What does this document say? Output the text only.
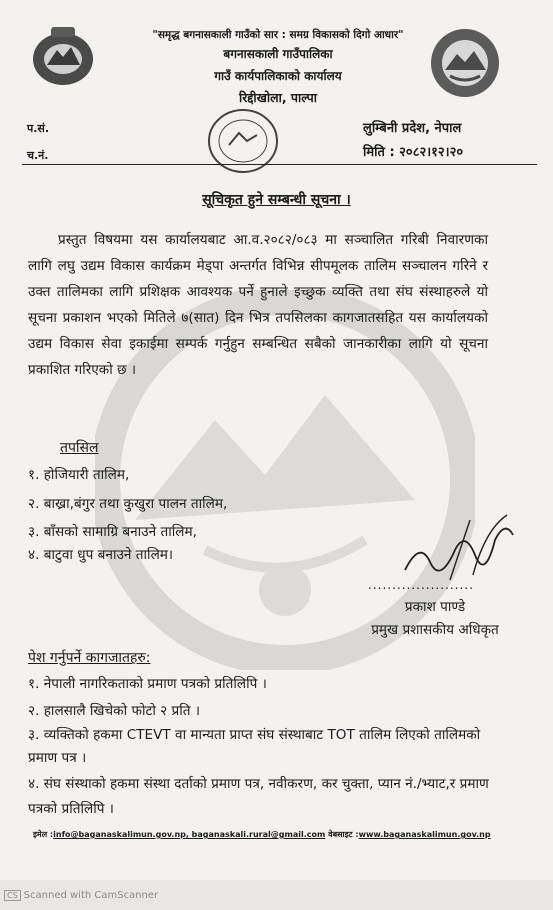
"समृद्ध बगनासकाली गाउँको सार : समग्र विकासको दिगो आधार"
बगनासकाली गाउँपालिका
गाउँ कार्यपालिकाको कार्यालय
रिद्दीखोला, पाल्पा
प.सं.
च.नं.
लुम्बिनी प्रदेश, नेपाल
मिति : २०८२।१२।२०
सूचिकृत हुने सम्बन्धी सूचना ।
प्रस्तुत विषयमा यस कार्यालयबाट आ.व.२०८२/०८३ मा सञ्चालित गरिबी निवारणका लागि लघु उद्यम विकास कार्यक्रम मेड्पा अन्तर्गत विभिन्न सीपमूलक तालिम सञ्चालन गरिने र उक्त तालिमका लागि प्रशिक्षक आवश्यक पर्ने हुनाले इच्छुक व्यक्ति तथा संघ संस्थाहरुले यो सूचना प्रकाशन भएको मितिले ७(सात) दिन भित्र तपसिलका कागजातसहित यस कार्यालयको उद्यम विकास सेवा इकाईमा सम्पर्क गर्नुहुन सम्बन्धित सबैको जानकारीका लागि यो सूचना प्रकाशित गरिएको छ ।
तपसिल
१. होजियारी तालिम,
२. बाख्रा,बंगुर तथा कुखुरा पालन तालिम,
३. बाँसको सामाग्रि बनाउने तालिम,
४. बाटुवा धुप बनाउने तालिम।
......................
प्रकाश पाण्डे
प्रमुख प्रशासकीय अधिकृत
पेश गर्नुपर्ने कागजातहरु:
१. नेपाली नागरिकताको प्रमाण पत्रको प्रतिलिपि ।
२. हालसालै खिचेको फोटो २ प्रति ।
३. व्यक्तिको हकमा CTEVT वा मान्यता प्राप्त संघ संस्थाबाट TOT तालिम लिएको तालिमको प्रमाण पत्र ।
४. संघ संस्थाको हकमा संस्था दर्ताको प्रमाण पत्र, नवीकरण, कर चुक्ता, प्यान नं./भ्याट,र प्रमाण पत्रको प्रतिलिपि ।
इमेल :info@baganaskalimun.gov.np, baganaskali.rural@gmail.com वेबसाइट :www.baganaskalimun.gov.np
CS Scanned with CamScanner
